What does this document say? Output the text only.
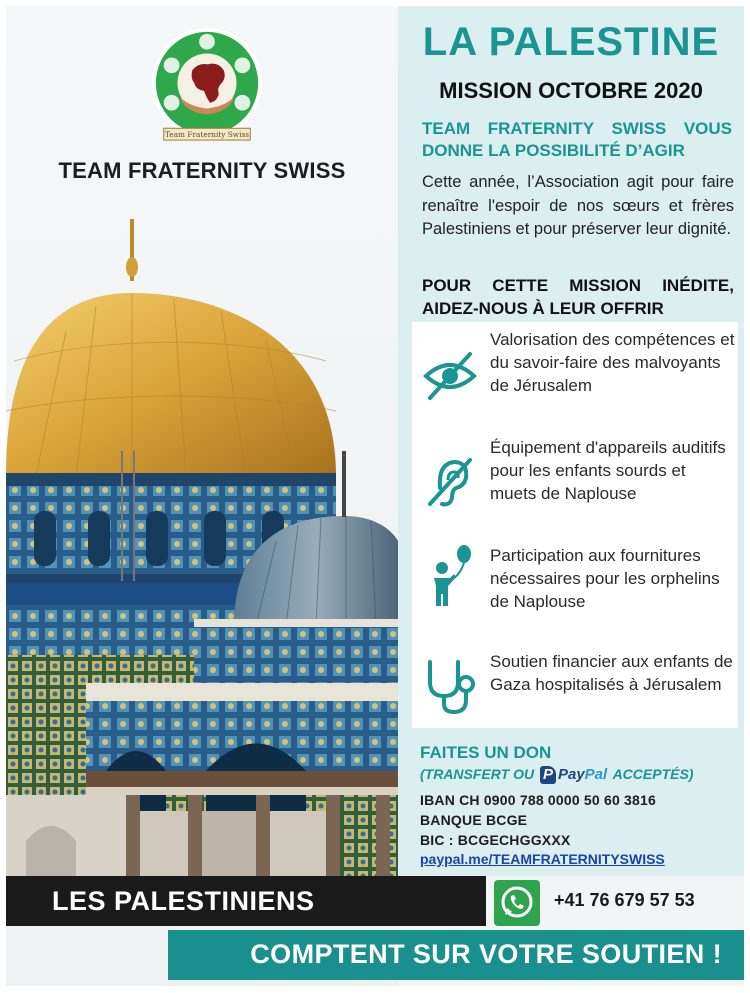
Team Fraternity Swiss
TEAM FRATERNITY SWISS
LA PALESTINE
MISSION OCTOBRE 2020
TEAM FRATERNITY SWISS VOUS DONNE LA POSSIBILITÉ D’AGIR
Cette année, l’Association agit pour faire renaître l'espoir de nos sœurs et frères Palestiniens et pour préserver leur dignité.
POUR CETTE MISSION INÉDITE, AIDEZ-NOUS À LEUR OFFRIR
Valorisation des compétences et du savoir-faire des malvoyants de Jérusalem
Équipement d'appareils auditifs pour les enfants sourds et muets de Naplouse
Participation aux fournitures nécessaires pour les orphelins de Naplouse
Soutien financier aux enfants de Gaza hospitalisés à Jérusalem
FAITES UN DON
(TRANSFERT OU P PayPal ACCEPTÉS)
IBAN CH 0900 788 0000 50 60 3816
BANQUE BCGE
BIC : BCGECHGGXXX
paypal.me/TEAMFRATERNITYSWISS
LES PALESTINIENS	+41 76 679 57 53
COMPTENT SUR VOTRE SOUTIEN !
